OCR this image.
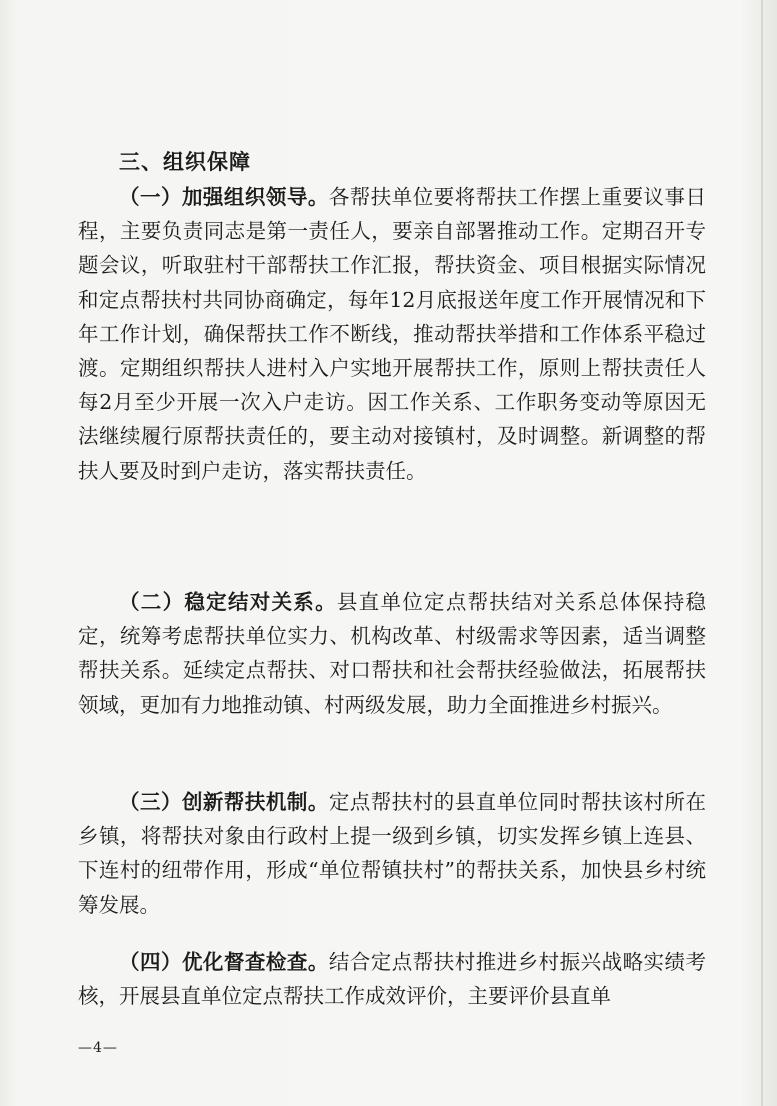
三、组织保障

（一）加强组织领导。各帮扶单位要将帮扶工作摆上重要议事日程，主要负责同志是第一责任人，要亲自部署推动工作。定期召开专题会议，听取驻村干部帮扶工作汇报，帮扶资金、项目根据实际情况和定点帮扶村共同协商确定，每年12月底报送年度工作开展情况和下年工作计划，确保帮扶工作不断线，推动帮扶举措和工作体系平稳过渡。定期组织帮扶人进村入户实地开展帮扶工作，原则上帮扶责任人每2月至少开展一次入户走访。因工作关系、工作职务变动等原因无法继续履行原帮扶责任的，要主动对接镇村，及时调整。新调整的帮扶人要及时到户走访，落实帮扶责任。

（二）稳定结对关系。县直单位定点帮扶结对关系总体保持稳定，统筹考虑帮扶单位实力、机构改革、村级需求等因素，适当调整帮扶关系。延续定点帮扶、对口帮扶和社会帮扶经验做法，拓展帮扶领域，更加有力地推动镇、村两级发展，助力全面推进乡村振兴。

（三）创新帮扶机制。定点帮扶村的县直单位同时帮扶该村所在乡镇，将帮扶对象由行政村上提一级到乡镇，切实发挥乡镇上连县、下连村的纽带作用，形成“单位帮镇扶村”的帮扶关系，加快县乡村统筹发展。

（四）优化督查检查。结合定点帮扶村推进乡村振兴战略实绩考核，开展县直单位定点帮扶工作成效评价，主要评价县直单

—4—
